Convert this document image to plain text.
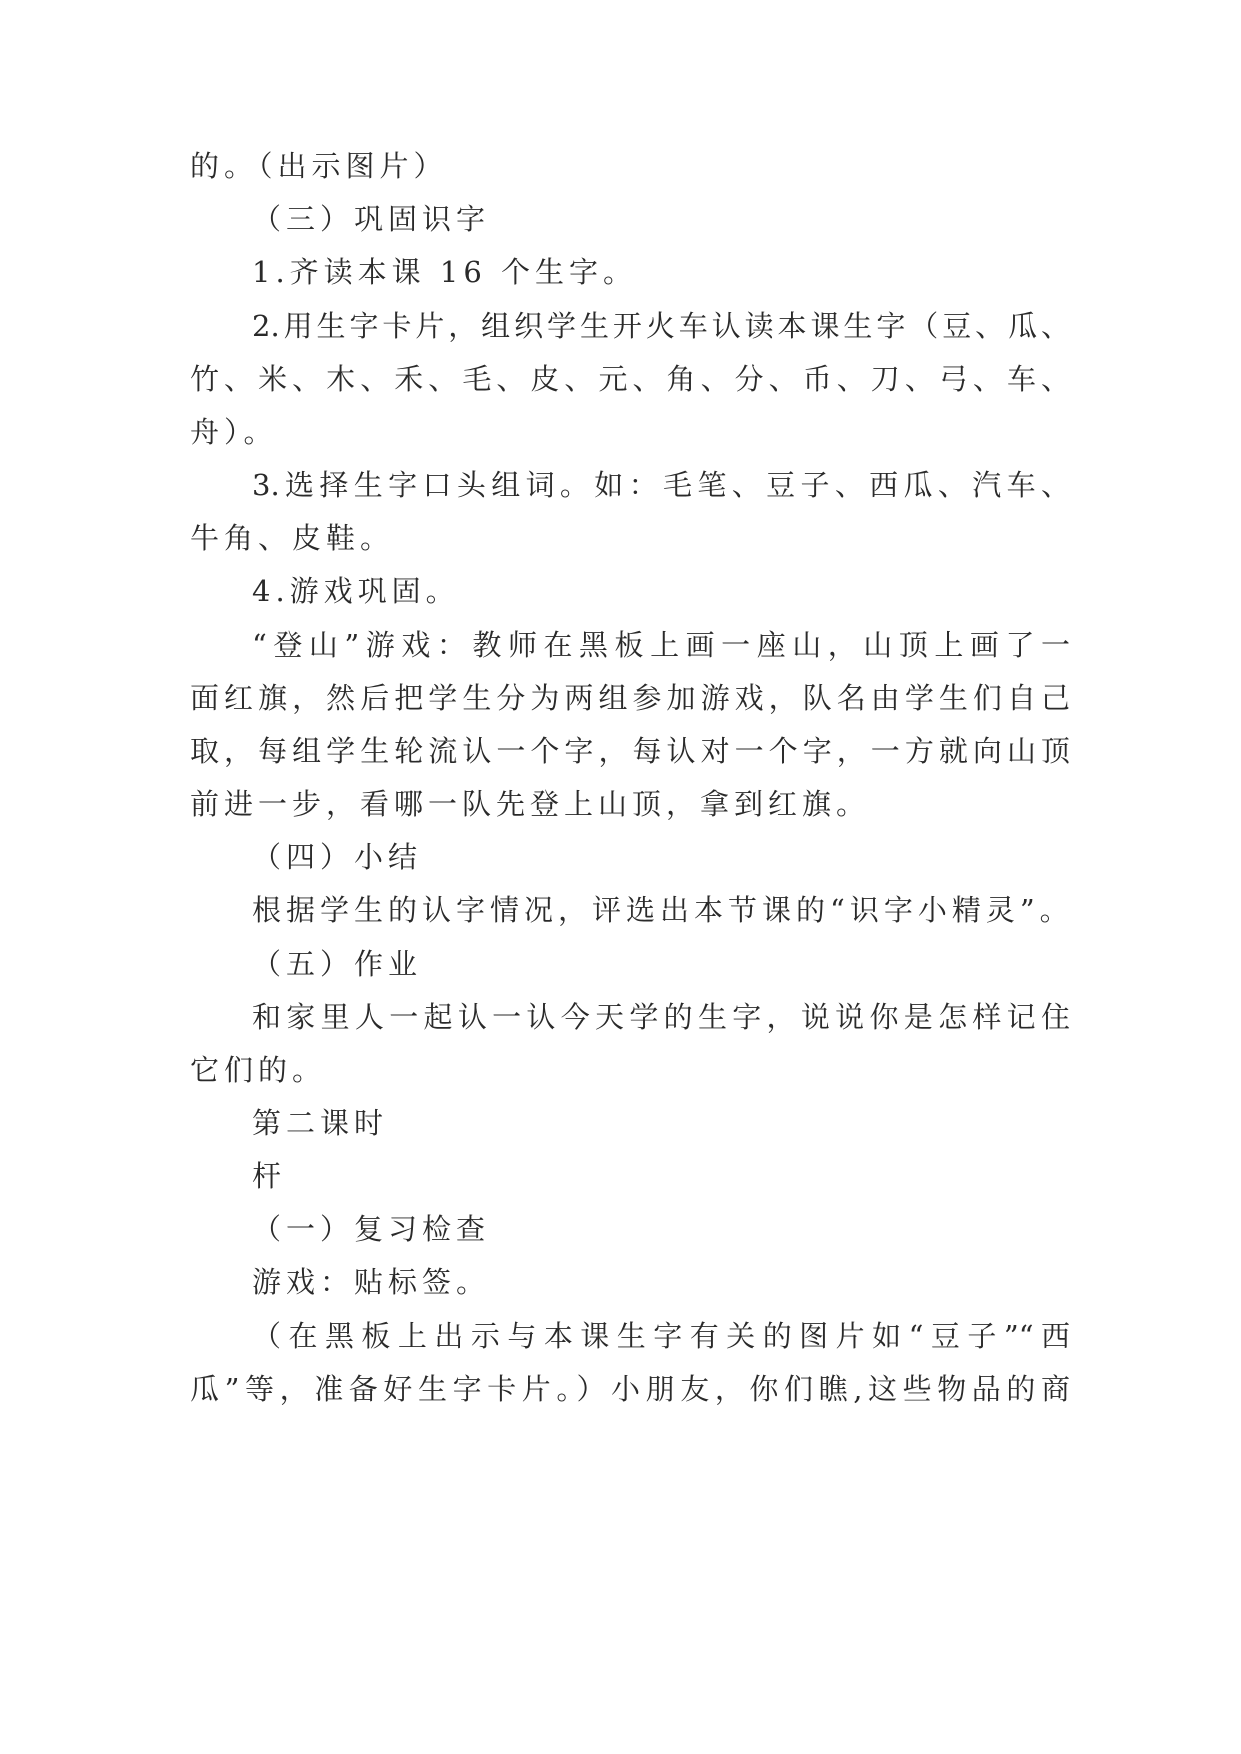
的。（出示图片）
（三）巩固识字
1.齐读本课 16 个生字。
2.用生字卡片，组织学生开火车认读本课生字（豆、瓜、
竹、米、木、禾、毛、皮、元、角、分、币、刀、弓、车、
舟）。
3.选择生字口头组词。如：毛笔、豆子、西瓜、汽车、
牛角、皮鞋。
4.游戏巩固。
“登山”游戏：教师在黑板上画一座山，山顶上画了一
面红旗，然后把学生分为两组参加游戏，队名由学生们自己
取，每组学生轮流认一个字，每认对一个字，一方就向山顶
前进一步，看哪一队先登上山顶，拿到红旗。
（四）小结
根据学生的认字情况，评选出本节课的“识字小精灵”。
（五）作业
和家里人一起认一认今天学的生字，说说你是怎样记住
它们的。
第二课时
杆
（一）复习检查
游戏：贴标签。
（在黑板上出示与本课生字有关的图片如“豆子”“西
瓜”等，准备好生字卡片。）小朋友，你们瞧,这些物品的商
